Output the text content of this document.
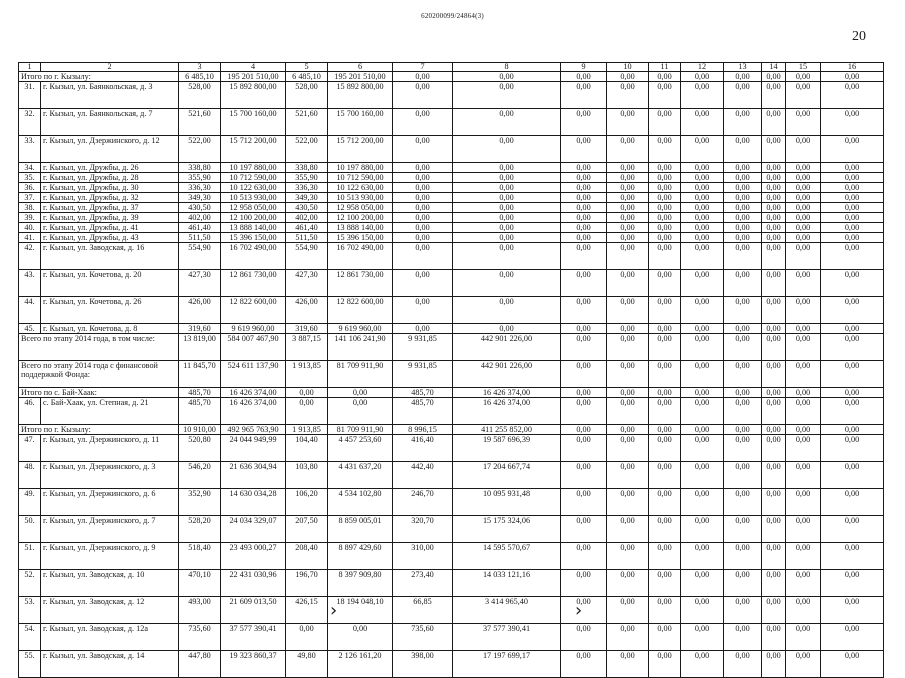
620200099/24864(3)
20
1	2	3	4	5	6	7	8	9	10	11	12	13	14	15	16
Итого по г. Кызылу:		6 485,10	195 201 510,00	6 485,10	195 201 510,00	0,00	0,00	0,00	0,00	0,00	0,00	0,00	0,00	0,00	0,00
31.	г. Кызыл, ул. Баянкольская, д. 3	528,00	15 892 800,00	528,00	15 892 800,00	0,00	0,00	0,00	0,00	0,00	0,00	0,00	0,00	0,00	0,00
32.	г. Кызыл, ул. Баянкольская, д. 7	521,60	15 700 160,00	521,60	15 700 160,00	0,00	0,00	0,00	0,00	0,00	0,00	0,00	0,00	0,00	0,00
33.	г. Кызыл, ул. Дзержинского, д. 12	522,00	15 712 200,00	522,00	15 712 200,00	0,00	0,00	0,00	0,00	0,00	0,00	0,00	0,00	0,00	0,00
34.	г. Кызыл, ул. Дружбы, д. 26	338,80	10 197 880,00	338,80	10 197 880,00	0,00	0,00	0,00	0,00	0,00	0,00	0,00	0,00	0,00	0,00
35.	г. Кызыл, ул. Дружбы, д. 28	355,90	10 712 590,00	355,90	10 712 590,00	0,00	0,00	0,00	0,00	0,00	0,00	0,00	0,00	0,00	0,00
36.	г. Кызыл, ул. Дружбы, д. 30	336,30	10 122 630,00	336,30	10 122 630,00	0,00	0,00	0,00	0,00	0,00	0,00	0,00	0,00	0,00	0,00
37.	г. Кызыл, ул. Дружбы, д. 32	349,30	10 513 930,00	349,30	10 513 930,00	0,00	0,00	0,00	0,00	0,00	0,00	0,00	0,00	0,00	0,00
38.	г. Кызыл, ул. Дружбы, д. 37	430,50	12 958 050,00	430,50	12 958 050,00	0,00	0,00	0,00	0,00	0,00	0,00	0,00	0,00	0,00	0,00
39.	г. Кызыл, ул. Дружбы, д. 39	402,00	12 100 200,00	402,00	12 100 200,00	0,00	0,00	0,00	0,00	0,00	0,00	0,00	0,00	0,00	0,00
40.	г. Кызыл, ул. Дружбы, д. 41	461,40	13 888 140,00	461,40	13 888 140,00	0,00	0,00	0,00	0,00	0,00	0,00	0,00	0,00	0,00	0,00
41.	г. Кызыл, ул. Дружбы, д. 43	511,50	15 396 150,00	511,50	15 396 150,00	0,00	0,00	0,00	0,00	0,00	0,00	0,00	0,00	0,00	0,00
42.	г. Кызыл, ул. Заводская, д. 16	554,90	16 702 490,00	554,90	16 702 490,00	0,00	0,00	0,00	0,00	0,00	0,00	0,00	0,00	0,00	0,00
43.	г. Кызыл, ул. Кочетова, д. 20	427,30	12 861 730,00	427,30	12 861 730,00	0,00	0,00	0,00	0,00	0,00	0,00	0,00	0,00	0,00	0,00
44.	г. Кызыл, ул. Кочетова, д. 26	426,00	12 822 600,00	426,00	12 822 600,00	0,00	0,00	0,00	0,00	0,00	0,00	0,00	0,00	0,00	0,00
45.	г. Кызыл, ул. Кочетова, д. 8	319,60	9 619 960,00	319,60	9 619 960,00	0,00	0,00	0,00	0,00	0,00	0,00	0,00	0,00	0,00	0,00
Всего по этапу 2014 года, в том числе:		13 819,00	584 007 467,90	3 887,15	141 106 241,90	9 931,85	442 901 226,00	0,00	0,00	0,00	0,00	0,00	0,00	0,00	0,00
Всего по этапу 2014 года с финансовой поддержкой Фонда:		11 845,70	524 611 137,90	1 913,85	81 709 911,90	9 931,85	442 901 226,00	0,00	0,00	0,00	0,00	0,00	0,00	0,00	0,00
Итого по с. Бай-Хаак:		485,70	16 426 374,00	0,00	0,00	485,70	16 426 374,00	0,00	0,00	0,00	0,00	0,00	0,00	0,00	0,00
46.	с. Бай-Хаак, ул. Степная, д. 21	485,70	16 426 374,00	0,00	0,00	485,70	16 426 374,00	0,00	0,00	0,00	0,00	0,00	0,00	0,00	0,00
Итого по г. Кызылу:		10 910,00	492 965 763,90	1 913,85	81 709 911,90	8 996,15	411 255 852,00	0,00	0,00	0,00	0,00	0,00	0,00	0,00	0,00
47.	г. Кызыл, ул. Дзержинского, д. 11	520,80	24 044 949,99	104,40	4 457 253,60	416,40	19 587 696,39	0,00	0,00	0,00	0,00	0,00	0,00	0,00	0,00
48.	г. Кызыл, ул. Дзержинского, д. 3	546,20	21 636 304,94	103,80	4 431 637,20	442,40	17 204 667,74	0,00	0,00	0,00	0,00	0,00	0,00	0,00	0,00
49.	г. Кызыл, ул. Дзержинского, д. 6	352,90	14 630 034,28	106,20	4 534 102,80	246,70	10 095 931,48	0,00	0,00	0,00	0,00	0,00	0,00	0,00	0,00
50.	г. Кызыл, ул. Дзержинского, д. 7	528,20	24 034 329,07	207,50	8 859 005,01	320,70	15 175 324,06	0,00	0,00	0,00	0,00	0,00	0,00	0,00	0,00
51.	г. Кызыл, ул. Дзержинского, д. 9	518,40	23 493 000,27	208,40	8 897 429,60	310,00	14 595 570,67	0,00	0,00	0,00	0,00	0,00	0,00	0,00	0,00
52.	г. Кызыл, ул. Заводская, д. 10	470,10	22 431 030,96	196,70	8 397 909,80	273,40	14 033 121,16	0,00	0,00	0,00	0,00	0,00	0,00	0,00	0,00
53.	г. Кызыл, ул. Заводская, д. 12	493,00	21 609 013,50	426,15	18 194 048,10	66,85	3 414 965,40	0,00	0,00	0,00	0,00	0,00	0,00	0,00	0,00
54.	г. Кызыл, ул. Заводская, д. 12а	735,60	37 577 390,41	0,00	0,00	735,60	37 577 390,41	0,00	0,00	0,00	0,00	0,00	0,00	0,00	0,00
55.	г. Кызыл, ул. Заводская, д. 14	447,80	19 323 860,37	49,80	2 126 161,20	398,00	17 197 699,17	0,00	0,00	0,00	0,00	0,00	0,00	0,00	0,00
›	›
